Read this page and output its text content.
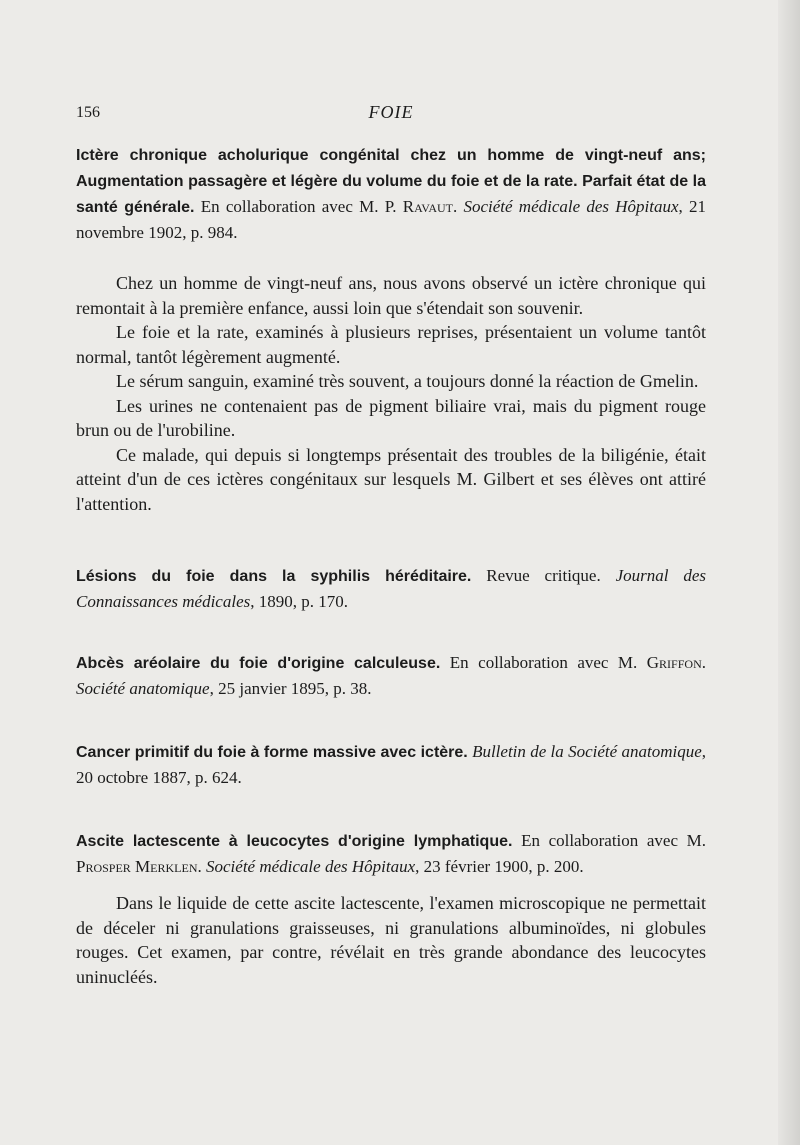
156	FOIE
Ictère chronique acholurique congénital chez un homme de vingt-neuf ans; Augmentation passagère et légère du volume du foie et de la rate. Parfait état de la santé générale. En collaboration avec M. P. Ravaut. Société médicale des Hôpitaux, 21 novembre 1902, p. 984.

Chez un homme de vingt-neuf ans, nous avons observé un ictère chronique qui remontait à la première enfance, aussi loin que s'étendait son souvenir.

Le foie et la rate, examinés à plusieurs reprises, présentaient un volume tantôt normal, tantôt légèrement augmenté.

Le sérum sanguin, examiné très souvent, a toujours donné la réaction de Gmelin.

Les urines ne contenaient pas de pigment biliaire vrai, mais du pigment rouge brun ou de l'urobiline.

Ce malade, qui depuis si longtemps présentait des troubles de la biligénie, était atteint d'un de ces ictères congénitaux sur lesquels M. Gilbert et ses élèves ont attiré l'attention.

Lésions du foie dans la syphilis héréditaire. Revue critique. Journal des Connaissances médicales, 1890, p. 170.
Abcès aréolaire du foie d'origine calculeuse. En collaboration avec M. Griffon. Société anatomique, 25 janvier 1895, p. 38.
Cancer primitif du foie à forme massive avec ictère. Bulletin de la Société anatomique, 20 octobre 1887, p. 624.
Ascite lactescente à leucocytes d'origine lymphatique. En collaboration avec M. Prosper Merklen. Société médicale des Hôpitaux, 23 février 1900, p. 200.

Dans le liquide de cette ascite lactescente, l'examen microscopique ne permettait de déceler ni granulations graisseuses, ni granulations albuminoïdes, ni globules rouges. Cet examen, par contre, révélait en très grande abondance des leucocytes uninucléés.
